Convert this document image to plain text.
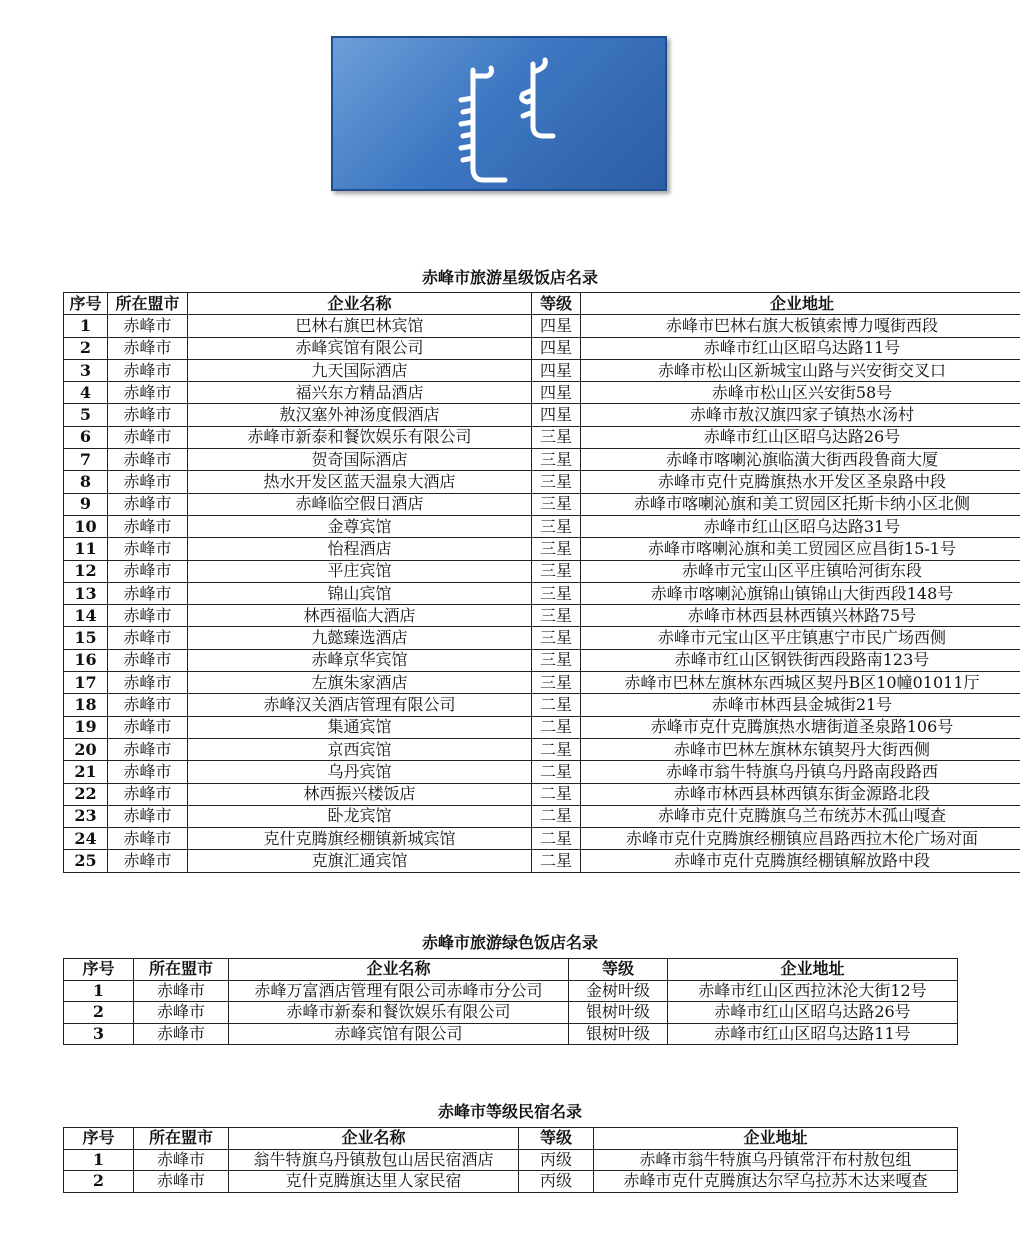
赤峰市旅游星级饭店名录
序号	所在盟市	企业名称	等级	企业地址
1	赤峰市	巴林右旗巴林宾馆	四星	赤峰市巴林右旗大板镇索博力嘎街西段
2	赤峰市	赤峰宾馆有限公司	四星	赤峰市红山区昭乌达路11号
3	赤峰市	九天国际酒店	四星	赤峰市松山区新城宝山路与兴安街交叉口
4	赤峰市	福兴东方精品酒店	四星	赤峰市松山区兴安街58号
5	赤峰市	敖汉塞外神汤度假酒店	四星	赤峰市敖汉旗四家子镇热水汤村
6	赤峰市	赤峰市新泰和餐饮娱乐有限公司	三星	赤峰市红山区昭乌达路26号
7	赤峰市	贺奇国际酒店	三星	赤峰市喀喇沁旗临潢大街西段鲁商大厦
8	赤峰市	热水开发区蓝天温泉大酒店	三星	赤峰市克什克腾旗热水开发区圣泉路中段
9	赤峰市	赤峰临空假日酒店	三星	赤峰市喀喇沁旗和美工贸园区托斯卡纳小区北侧
10	赤峰市	金尊宾馆	三星	赤峰市红山区昭乌达路31号
11	赤峰市	怡程酒店	三星	赤峰市喀喇沁旗和美工贸园区应昌街15-1号
12	赤峰市	平庄宾馆	三星	赤峰市元宝山区平庄镇哈河街东段
13	赤峰市	锦山宾馆	三星	赤峰市喀喇沁旗锦山镇锦山大街西段148号
14	赤峰市	林西福临大酒店	三星	赤峰市林西县林西镇兴林路75号
15	赤峰市	九懿臻选酒店	三星	赤峰市元宝山区平庄镇惠宁市民广场西侧
16	赤峰市	赤峰京华宾馆	三星	赤峰市红山区钢铁街西段路南123号
17	赤峰市	左旗朱家酒店	三星	赤峰市巴林左旗林东西城区契丹B区10幢01011厅
18	赤峰市	赤峰汉关酒店管理有限公司	二星	赤峰市林西县金城街21号
19	赤峰市	集通宾馆	二星	赤峰市克什克腾旗热水塘街道圣泉路106号
20	赤峰市	京西宾馆	二星	赤峰市巴林左旗林东镇契丹大街西侧
21	赤峰市	乌丹宾馆	二星	赤峰市翁牛特旗乌丹镇乌丹路南段路西
22	赤峰市	林西振兴楼饭店	二星	赤峰市林西县林西镇东街金源路北段
23	赤峰市	卧龙宾馆	二星	赤峰市克什克腾旗乌兰布统苏木孤山嘎查
24	赤峰市	克什克腾旗经棚镇新城宾馆	二星	赤峰市克什克腾旗经棚镇应昌路西拉木伦广场对面
25	赤峰市	克旗汇通宾馆	二星	赤峰市克什克腾旗经棚镇解放路中段
赤峰市旅游绿色饭店名录
序号	所在盟市	企业名称	等级	企业地址
1	赤峰市	赤峰万富酒店管理有限公司赤峰市分公司	金树叶级	赤峰市红山区西拉沐沦大街12号
2	赤峰市	赤峰市新泰和餐饮娱乐有限公司	银树叶级	赤峰市红山区昭乌达路26号
3	赤峰市	赤峰宾馆有限公司	银树叶级	赤峰市红山区昭乌达路11号
赤峰市等级民宿名录
序号	所在盟市	企业名称	等级	企业地址
1	赤峰市	翁牛特旗乌丹镇敖包山居民宿酒店	丙级	赤峰市翁牛特旗乌丹镇常汗布村敖包组
2	赤峰市	克什克腾旗达里人家民宿	丙级	赤峰市克什克腾旗达尔罕乌拉苏木达来嘎查
